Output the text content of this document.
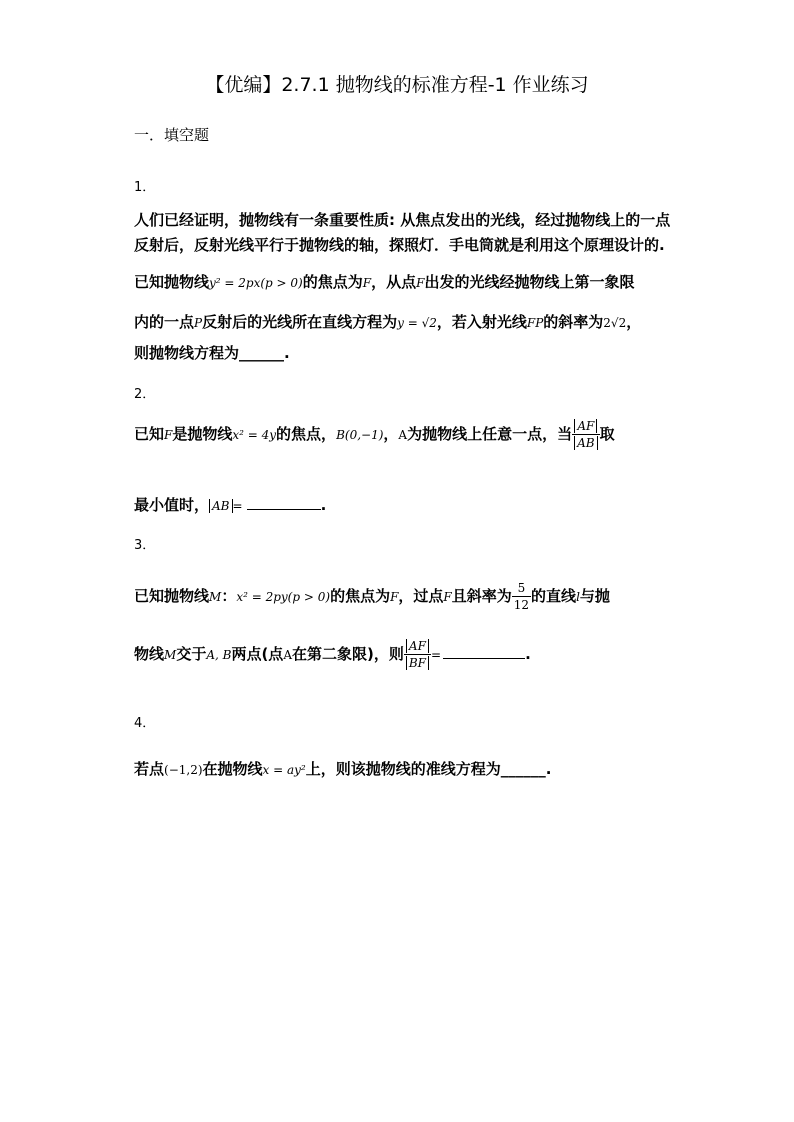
【优编】2.7.1 抛物线的标准方程-1 作业练习
一．填空题
1．
人们已经证明，抛物线有一条重要性质: 从焦点发出的光线，经过抛物线上的一点
反射后，反射光线平行于抛物线的轴，探照灯．手电筒就是利用这个原理设计的.
已知抛物线y² = 2px(p > 0)的焦点为F，从点F出发的光线经抛物线上第一象限
内的一点P反射后的光线所在直线方程为y = √2，若入射光线FP的斜率为2√2，
则抛物线方程为______.
2．
已知F是抛物线x² = 4y的焦点，B(0,−1)，A为抛物线上任意一点，当 $\frac{AF}{AB}$ 取
最小值时， AB =	.
3．
已知抛物线M：x² = 2py(p > 0)的焦点为F，过点F且斜率为 $\frac{5}{12}$ 的直线l与抛
物线M交于A, B两点(点A在第二象限)，则 $\frac{AF}{BF}$ =	.
4．
若点(−1,2)在抛物线x = ay²上，则该抛物线的准线方程为______.
